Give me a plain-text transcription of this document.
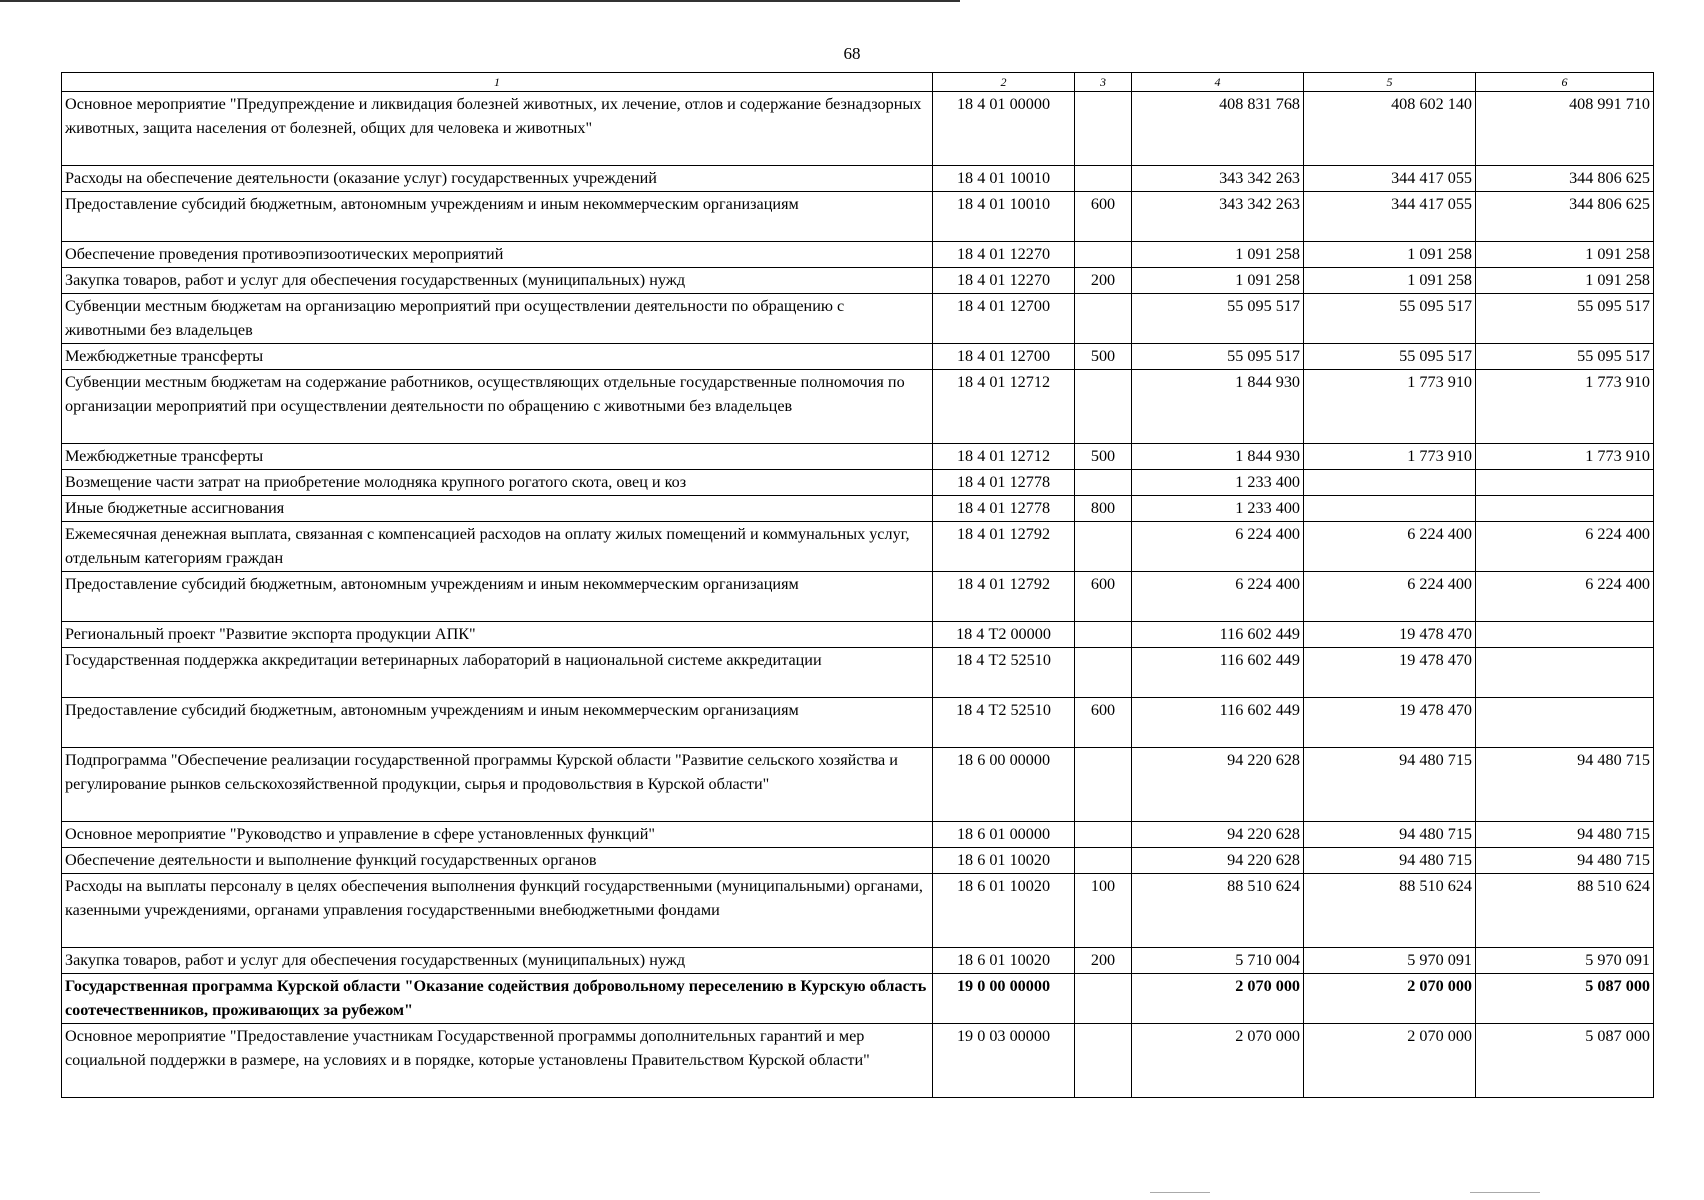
68
1	2	3	4	5	6
Основное мероприятие "Предупреждение и ликвидация болезней животных, их лечение, отлов и содержание безнадзорных животных, защита населения от болезней, общих для человека и животных"	18 4 01 00000		408 831 768	408 602 140	408 991 710
Расходы на обеспечение деятельности (оказание услуг) государственных учреждений	18 4 01 10010		343 342 263	344 417 055	344 806 625
Предоставление субсидий бюджетным, автономным учреждениям и иным некоммерческим организациям	18 4 01 10010	600	343 342 263	344 417 055	344 806 625
Обеспечение проведения противоэпизоотических мероприятий	18 4 01 12270		1 091 258	1 091 258	1 091 258
Закупка товаров, работ и услуг для обеспечения государственных (муниципальных) нужд	18 4 01 12270	200	1 091 258	1 091 258	1 091 258
Субвенции местным бюджетам на организацию мероприятий при осуществлении деятельности по обращению с животными без владельцев	18 4 01 12700		55 095 517	55 095 517	55 095 517
Межбюджетные трансферты	18 4 01 12700	500	55 095 517	55 095 517	55 095 517
Субвенции местным бюджетам на содержание работников, осуществляющих отдельные государственные полномочия по организации мероприятий при осуществлении деятельности по обращению с животными без владельцев	18 4 01 12712		1 844 930	1 773 910	1 773 910
Межбюджетные трансферты	18 4 01 12712	500	1 844 930	1 773 910	1 773 910
Возмещение части затрат на приобретение молодняка крупного рогатого скота, овец и коз	18 4 01 12778		1 233 400		
Иные бюджетные ассигнования	18 4 01 12778	800	1 233 400		
Ежемесячная денежная выплата, связанная с компенсацией расходов на оплату жилых помещений и коммунальных услуг, отдельным категориям граждан	18 4 01 12792		6 224 400	6 224 400	6 224 400
Предоставление субсидий бюджетным, автономным учреждениям и иным некоммерческим организациям	18 4 01 12792	600	6 224 400	6 224 400	6 224 400
Региональный проект "Развитие экспорта продукции АПК"	18 4 Т2 00000		116 602 449	19 478 470	
Государственная поддержка аккредитации ветеринарных лабораторий в национальной системе аккредитации	18 4 Т2 52510		116 602 449	19 478 470	
Предоставление субсидий бюджетным, автономным учреждениям и иным некоммерческим организациям	18 4 Т2 52510	600	116 602 449	19 478 470	
Подпрограмма "Обеспечение реализации государственной программы Курской области "Развитие сельского хозяйства и регулирование рынков сельскохозяйственной продукции, сырья и продовольствия в Курской области"	18 6 00 00000		94 220 628	94 480 715	94 480 715
Основное мероприятие "Руководство и управление в сфере установленных функций"	18 6 01 00000		94 220 628	94 480 715	94 480 715
Обеспечение деятельности и выполнение функций государственных органов	18 6 01 10020		94 220 628	94 480 715	94 480 715
Расходы на выплаты персоналу в целях обеспечения выполнения функций государственными (муниципальными) органами, казенными учреждениями, органами управления государственными внебюджетными фондами	18 6 01 10020	100	88 510 624	88 510 624	88 510 624
Закупка товаров, работ и услуг для обеспечения государственных (муниципальных) нужд	18 6 01 10020	200	5 710 004	5 970 091	5 970 091
Государственная программа Курской области "Оказание содействия добровольному переселению в Курскую область соотечественников, проживающих за рубежом"	19 0 00 00000		2 070 000	2 070 000	5 087 000
Основное мероприятие "Предоставление участникам Государственной программы дополнительных гарантий и мер социальной поддержки в размере, на условиях и в порядке, которые установлены Правительством Курской области"	19 0 03 00000		2 070 000	2 070 000	5 087 000
